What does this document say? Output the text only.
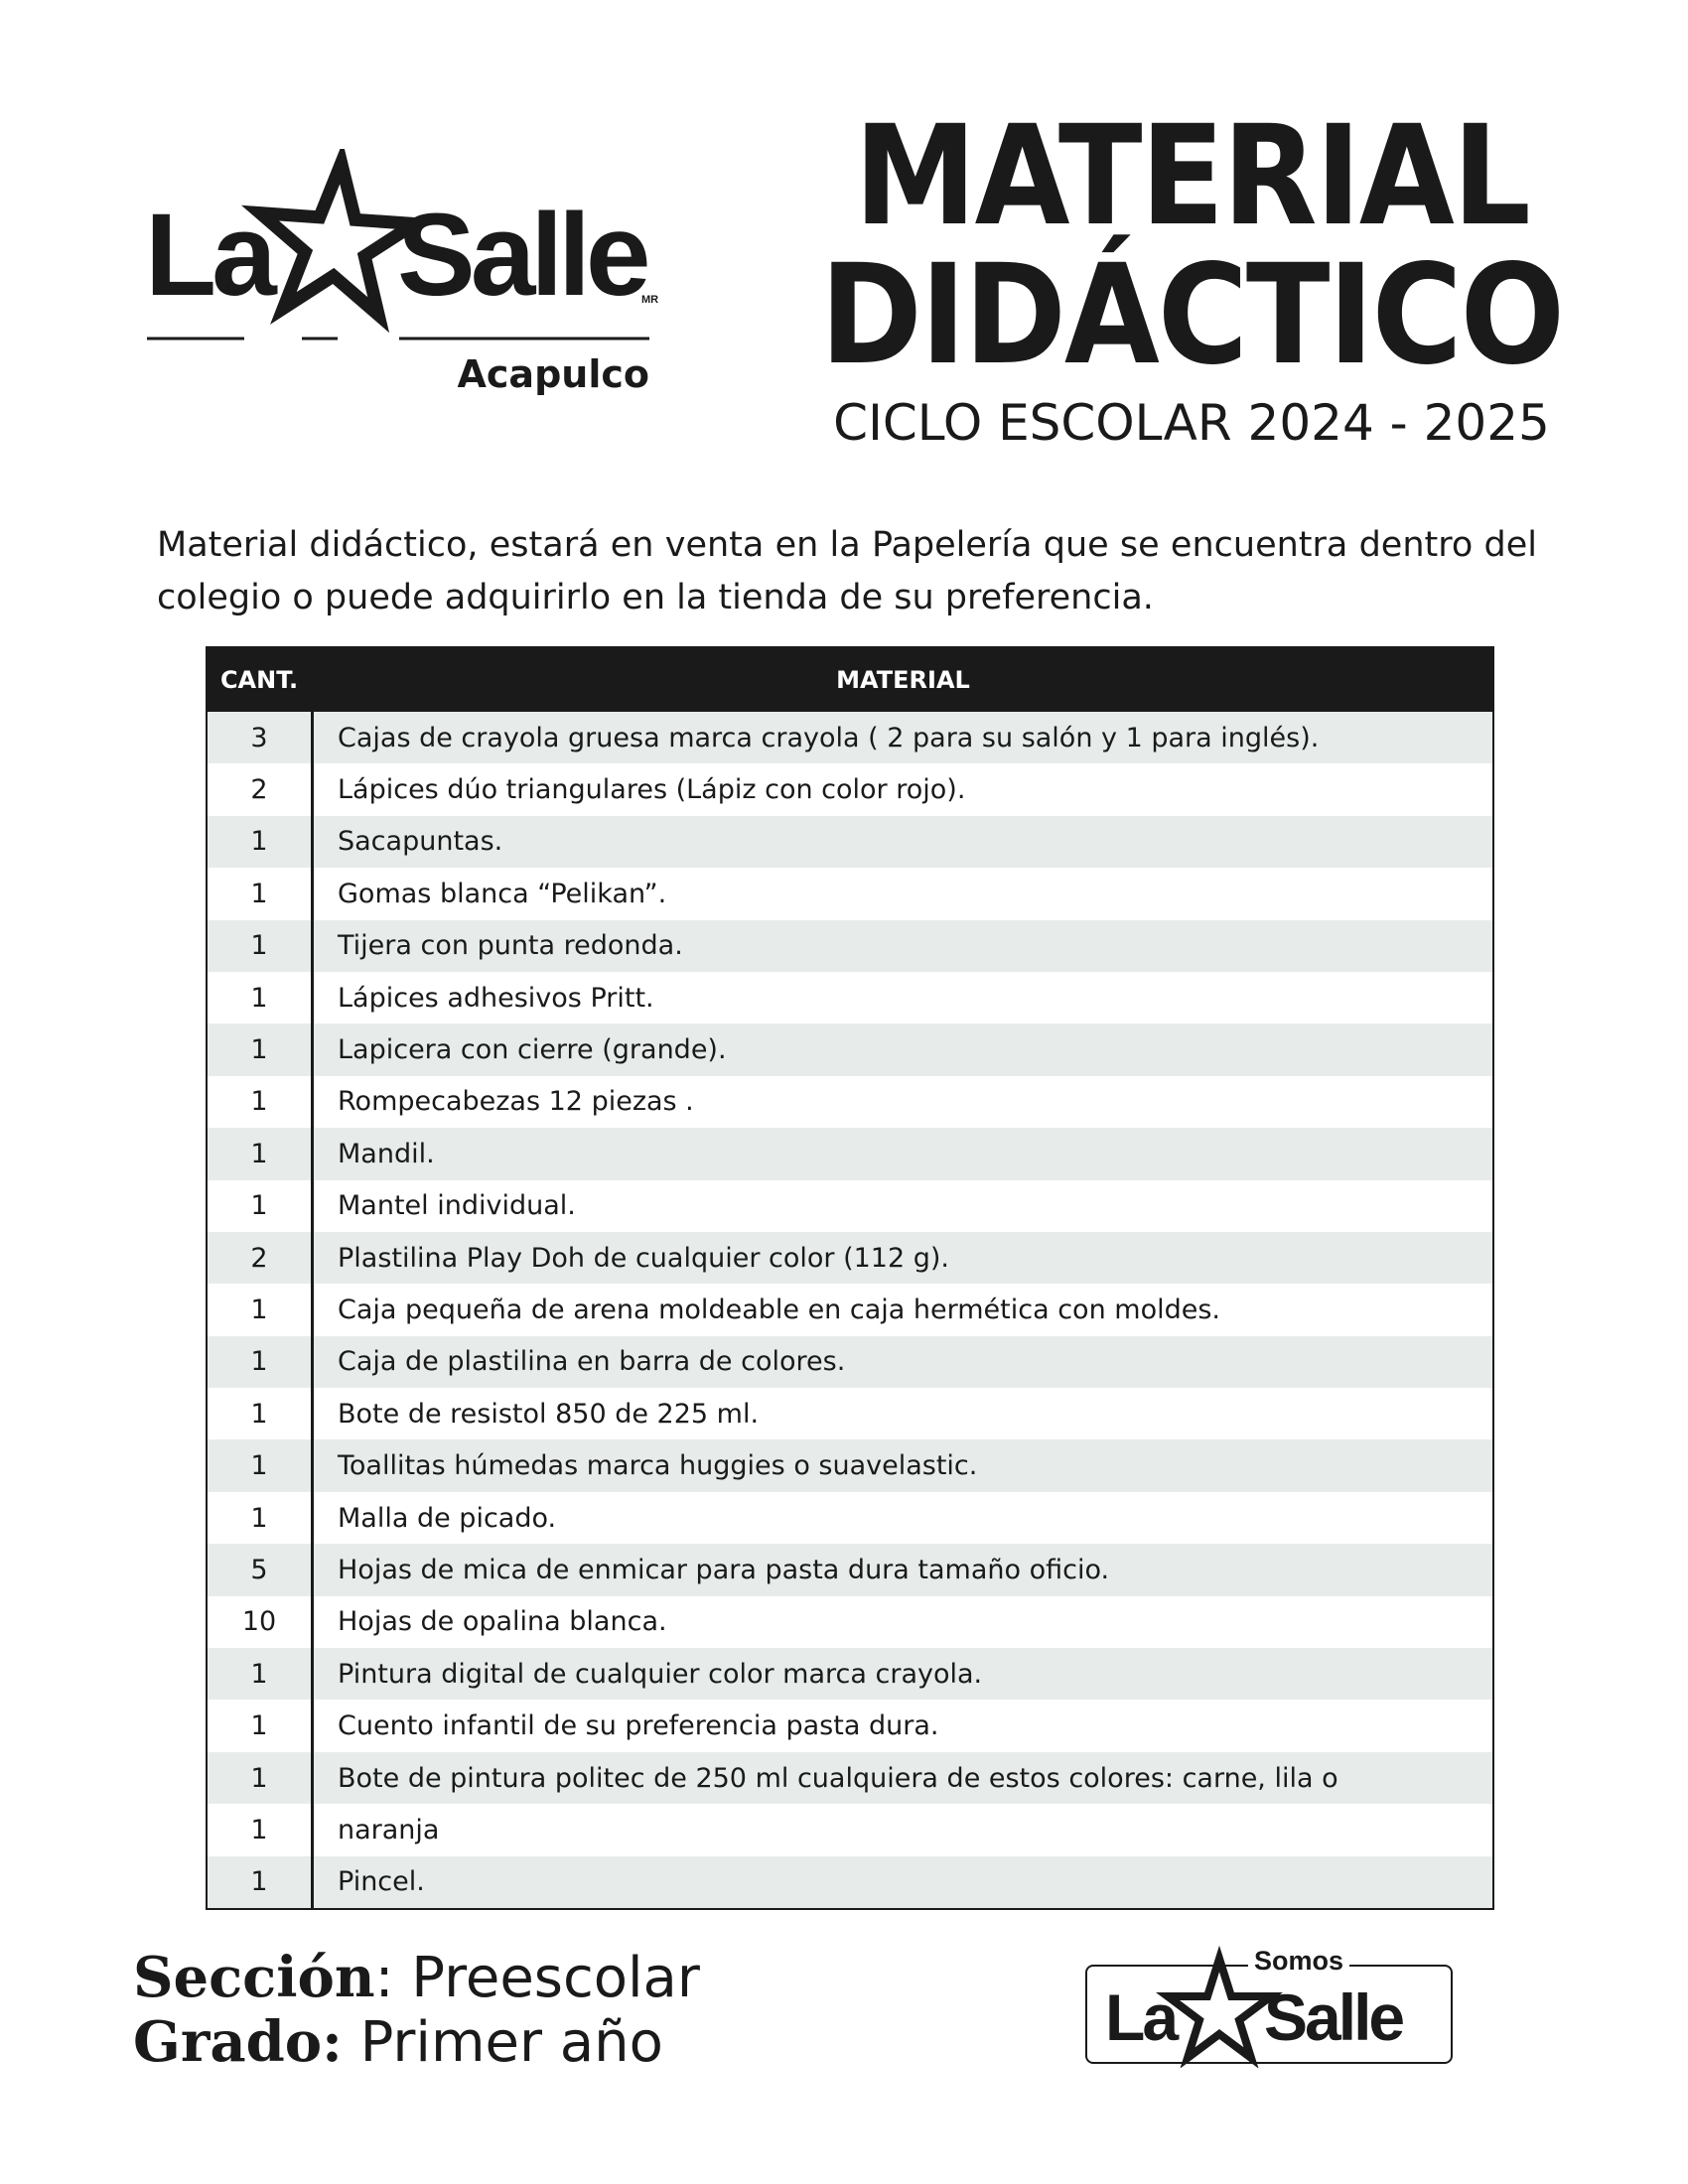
La Salle
MR
Acapulco
MATERIAL
DIDÁCTICO
CICLO ESCOLAR 2024 - 2025

Material didáctico, estará en venta en la Papelería que se encuentra dentro del colegio o puede adquirirlo en la tienda de su preferencia.

CANT.	MATERIAL
3	Cajas de crayola gruesa marca crayola ( 2 para su salón y 1 para inglés).
2	Lápices dúo triangulares (Lápiz con color rojo).
1	Sacapuntas.
1	Gomas blanca “Pelikan”.
1	Tijera con punta redonda.
1	Lápices adhesivos Pritt.
1	Lapicera con cierre (grande).
1	Rompecabezas 12 piezas .
1	Mandil.
1	Mantel individual.
2	Plastilina Play Doh de cualquier color (112 g).
1	Caja pequeña de arena moldeable en caja hermética con moldes.
1	Caja de plastilina en barra de colores.
1	Bote de resistol 850 de 225 ml.
1	Toallitas húmedas marca huggies o suavelastic.
1	Malla de picado.
5	Hojas de mica de enmicar para pasta dura tamaño oficio.
10	Hojas de opalina blanca.
1	Pintura digital de cualquier color marca crayola.
1	Cuento infantil de su preferencia pasta dura.
1	Bote de pintura politec de 250 ml cualquiera de estos colores: carne, lila o
1	naranja
1	Pincel.
Sección: Preescolar
Grado: Primer año
Somos
La Salle
